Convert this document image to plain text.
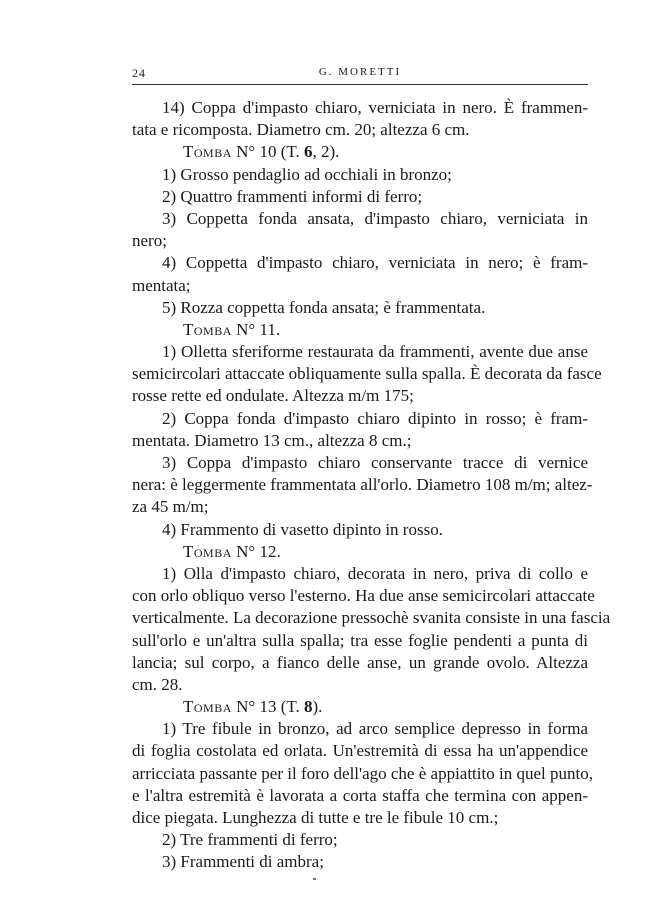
24	G. MORETTI
14) Coppa d'impasto chiaro, verniciata in nero. È frammen-
tata e ricomposta. Diametro cm. 20; altezza 6 cm.
Tomba N° 10 (T. 6, 2).
1) Grosso pendaglio ad occhiali in bronzo;
2) Quattro frammenti informi di ferro;
3) Coppetta fonda ansata, d'impasto chiaro, verniciata in
nero;
4) Coppetta d'impasto chiaro, verniciata in nero; è fram-
mentata;
5) Rozza coppetta fonda ansata; è frammentata.
Tomba N° 11.
1) Olletta sferiforme restaurata da frammenti, avente due anse
semicircolari attaccate obliquamente sulla spalla. È decorata da fasce
rosse rette ed ondulate. Altezza m/m 175;
2) Coppa fonda d'impasto chiaro dipinto in rosso; è fram-
mentata. Diametro 13 cm., altezza 8 cm.;
3) Coppa d'impasto chiaro conservante tracce di vernice
nera: è leggermente frammentata all'orlo. Diametro 108 m/m; altez-
za 45 m/m;
4) Frammento di vasetto dipinto in rosso.
Tomba N° 12.
1) Olla d'impasto chiaro, decorata in nero, priva di collo e
con orlo obliquo verso l'esterno. Ha due anse semicircolari attaccate
verticalmente. La decorazione pressochè svanita consiste in una fascia
sull'orlo e un'altra sulla spalla; tra esse foglie pendenti a punta di
lancia; sul corpo, a fianco delle anse, un grande ovolo. Altezza
cm. 28.
Tomba N° 13 (T. 8).
1) Tre fibule in bronzo, ad arco semplice depresso in forma
di foglia costolata ed orlata. Un'estremità di essa ha un'appendice
arricciata passante per il foro dell'ago che è appiattito in quel punto,
e l'altra estremità è lavorata a corta staffa che termina con appen-
dice piegata. Lunghezza di tutte e tre le fibule 10 cm.;
2) Tre frammenti di ferro;
3) Frammenti di ambra;
